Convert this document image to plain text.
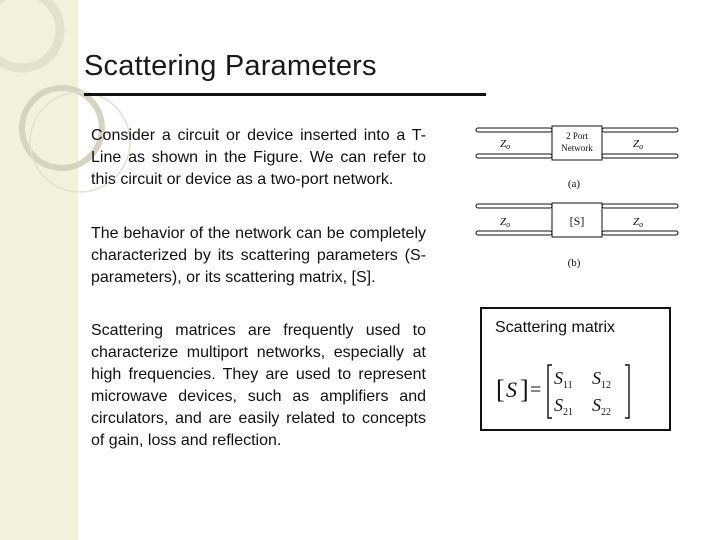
Scattering Parameters

Consider a circuit or device inserted into a T-Line as shown in the Figure. We can refer to this circuit or device as a two-port network.

The behavior of the network can be completely characterized by its scattering parameters (S-parameters), or its scattering matrix, [S].

Scattering matrices are frequently used to characterize multiport networks, especially at high frequencies. They are used to represent microwave devices, such as amplifiers and circulators, and are easily related to concepts of gain, loss and reflection.

Zo
2 Port
Network	Zo
(a)
Zo	[S]	Zo
(b)
Scattering matrix
[ S ] =
$S_{11}$ $S_{12}$
$S_{21}$ $S_{22}$
